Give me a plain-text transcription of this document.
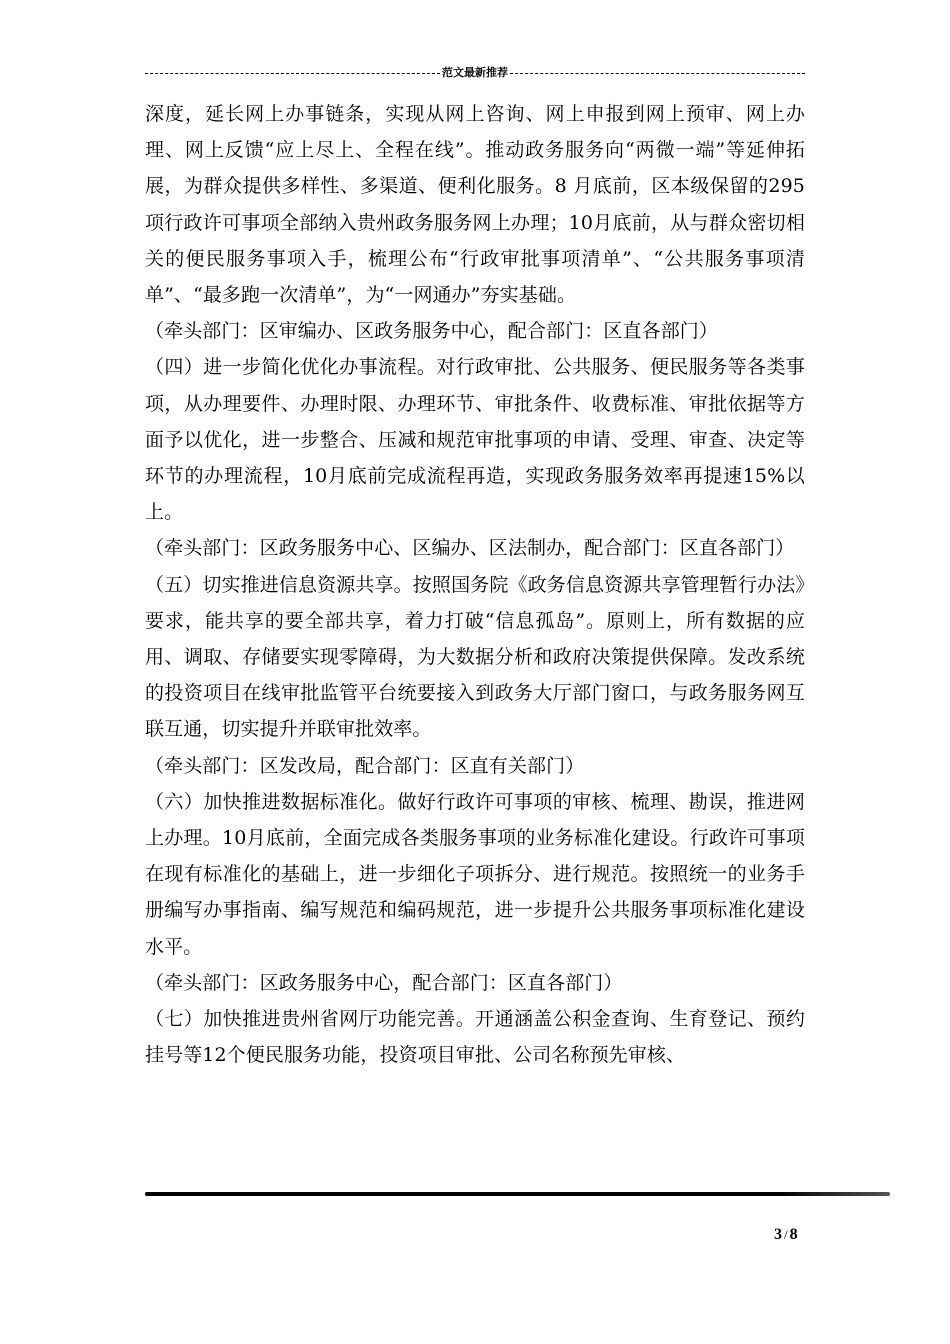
范文最新推荐

深度，延长网上办事链条，实现从网上咨询、网上申报到网上预审、网上办理、网上反馈“应上尽上、全程在线”。推动政务服务向“两微一端”等延伸拓展，为群众提供多样性、多渠道、便利化服务。8 月底前，区本级保留的295项行政许可事项全部纳入贵州政务服务网上办理；10月底前，从与群众密切相关的便民服务事项入手，梳理公布“行政审批事项清单”、“公共服务事项清单”、“最多跑一次清单”，为“一网通办”夯实基础。

（牵头部门：区审编办、区政务服务中心，配合部门：区直各部门）

（四）进一步简化优化办事流程。对行政审批、公共服务、便民服务等各类事项，从办理要件、办理时限、办理环节、审批条件、收费标准、审批依据等方面予以优化，进一步整合、压减和规范审批事项的申请、受理、审查、决定等环节的办理流程，10月底前完成流程再造，实现政务服务效率再提速15%以上。

（牵头部门：区政务服务中心、区编办、区法制办，配合部门：区直各部门）

（五）切实推进信息资源共享。按照国务院《政务信息资源共享管理暂行办法》要求，能共享的要全部共享，着力打破“信息孤岛”。原则上，所有数据的应用、调取、存储要实现零障碍，为大数据分析和政府决策提供保障。发改系统的投资项目在线审批监管平台统要接入到政务大厅部门窗口，与政务服务网互联互通，切实提升并联审批效率。

（牵头部门：区发改局，配合部门：区直有关部门）

（六）加快推进数据标准化。做好行政许可事项的审核、梳理、勘误，推进网上办理。10月底前，全面完成各类服务事项的业务标准化建设。行政许可事项在现有标准化的基础上，进一步细化子项拆分、进行规范。按照统一的业务手册编写办事指南、编写规范和编码规范，进一步提升公共服务事项标准化建设水平。

（牵头部门：区政务服务中心，配合部门：区直各部门）

（七）加快推进贵州省网厅功能完善。开通涵盖公积金查询、生育登记、预约挂号等12个便民服务功能，投资项目审批、公司名称预先审核、

3 / 8
